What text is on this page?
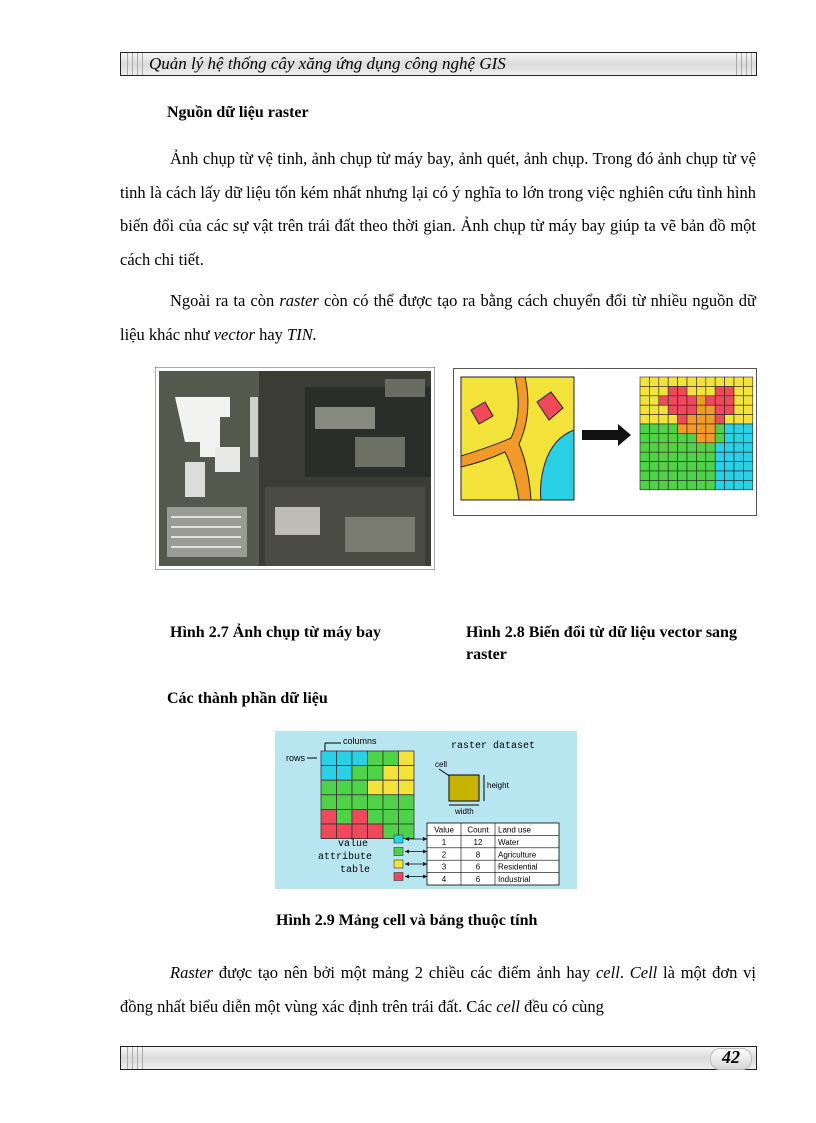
Quản lý hệ thống cây xăng ứng dụng công nghệ GIS
Nguồn dữ liệu raster

Ảnh chụp từ vệ tinh, ảnh chụp từ máy bay, ảnh quét, ảnh chụp. Trong đó ảnh chụp từ vệ tinh là cách lấy dữ liệu tốn kém nhất nhưng lại có ý nghĩa to lớn trong việc nghiên cứu tình hình biến đổi của các sự vật trên trái đất theo thời gian. Ảnh chụp từ máy bay giúp ta vẽ bản đồ một cách chi tiết.

Ngoài ra ta còn raster còn có thể được tạo ra bằng cách chuyển đổi từ nhiều nguồn dữ liệu khác như vector hay TIN.

Hình 2.7 Ảnh chụp từ máy bay	Hình 2.8 Biến đổi từ dữ liệu vector sang raster

Các thành phần dữ liệu
columns
rows
raster dataset
cell
height
width
value
attribute
table
Value Count Land use
1	12 Water
2	8 Agriculture
3	6 Residential
4	6 Industrial

Hình 2.9 Mảng cell và bảng thuộc tính

Raster được tạo nên bởi một mảng 2 chiều các điểm ảnh hay cell. Cell là một đơn vị đồng nhất biểu diễn một vùng xác định trên trái đất. Các cell đều có cùng

42
